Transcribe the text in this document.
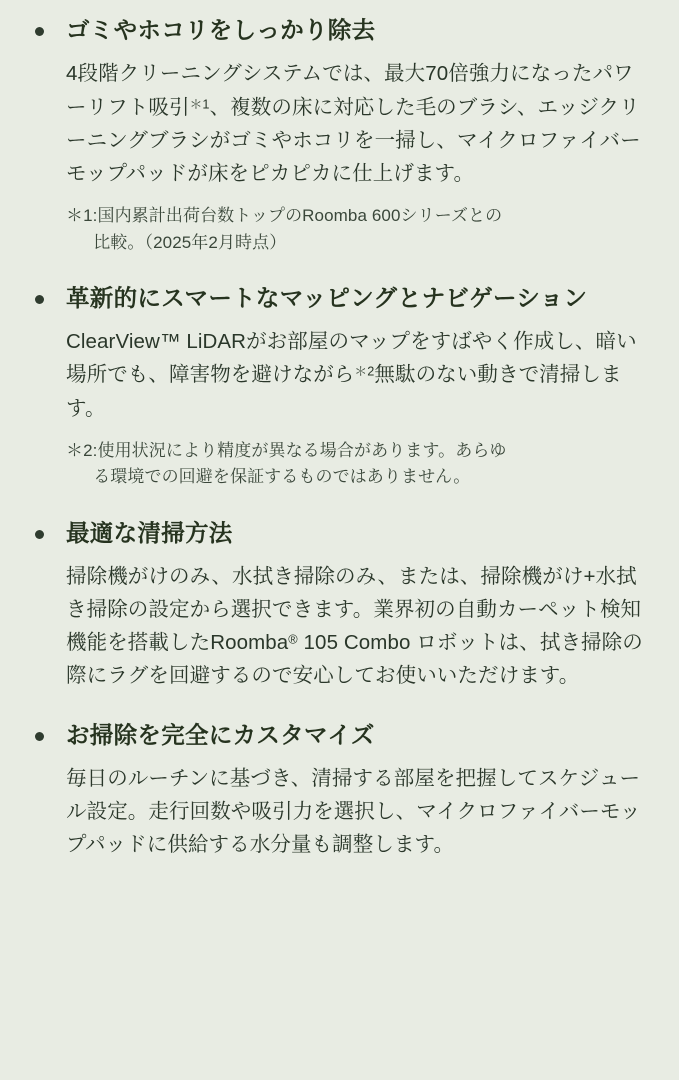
ゴミやホコリをしっかり除去

4段階クリーニングシステムでは、最大70倍強力になったパワーリフト吸引$^{*1}$、複数の床に対応した毛のブラシ、エッジクリーニングブラシがゴミやホコリを一掃し、マイクロファイバーモップパッドが床をピカピカに仕上げます。

＊1:国内累計出荷台数トップのRoomba 600シリーズとの
比較。（2025年2月時点）

革新的にスマートなマッピングとナビゲーション

ClearView™ LiDARがお部屋のマップをすばやく作成し、暗い場所でも、障害物を避けながら$^{*2}$無駄のない動きで清掃します。

＊2:使用状況により精度が異なる場合があります。あらゆ
る環境での回避を保証するものではありません。

最適な清掃方法

掃除機がけのみ、水拭き掃除のみ、または、掃除機がけ+水拭き掃除の設定から選択できます。業界初の自動カーペット検知機能を搭載したRoomba® 105 Combo ロボットは、拭き掃除の際にラグを回避するので安心してお使いいただけます。

お掃除を完全にカスタマイズ

毎日のルーチンに基づき、清掃する部屋を把握してスケジュール設定。走行回数や吸引力を選択し、マイクロファイバーモップパッドに供給する水分量も調整します。
